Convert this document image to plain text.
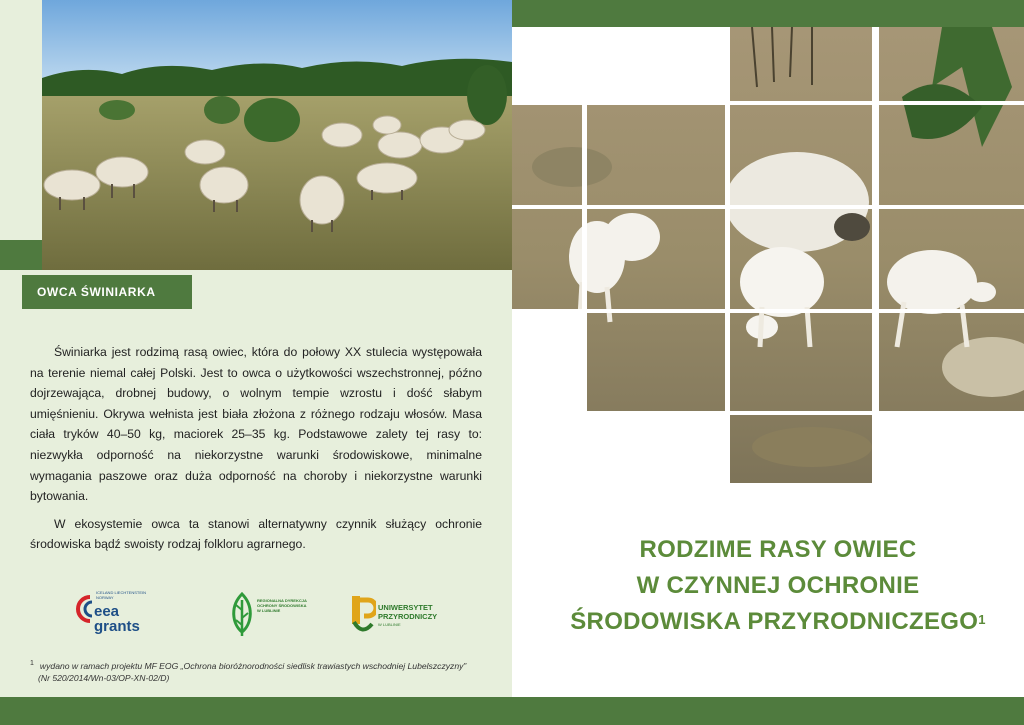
OWCA ŚWINIARKA

Świniarka jest rodzimą rasą owiec, która do połowy XX stulecia występowała na terenie niemal całej Polski. Jest to owca o użytkowości wszechstronnej, późno dojrzewająca, drobnej budowy, o wolnym tempie wzrostu i dość słabym umięśnieniu. Okrywa wełnista jest biała złożona z różnego rodzaju włosów. Masa ciała tryków 40–50 kg, maciorek 25–35 kg. Podstawowe zalety tej rasy to: niezwykła odporność na niekorzystne warunki środowiskowe, minimalne wymagania paszowe oraz duża odporność na choroby i niekorzystne warunki bytowania.

W ekosystemie owca ta stanowi alternatywny czynnik służący ochronie środowiska bądź swoisty rodzaj folkloru agrarnego.

ICELAND LIECHTENSTEIN NORWAY
eea
grants
REGIONALNA DYREKCJA OCHRONY ŚRODOWISKA W LUBLINIE	UNIWERSYTET PRZYRODNICZY
W LUBLINIE
$^1$ wydano w ramach projektu MF EOG „Ochrona bioróżnorodności siedlisk trawiastych wschodniej Lubelszczyzny”
(Nr 520/2014/Wn-03/OP-XN-02/D)
RODZIME RASY OWIEC
W CZYNNEJ OCHRONIE
ŚRODOWISKA PRZYRODNICZEGO$^1$
